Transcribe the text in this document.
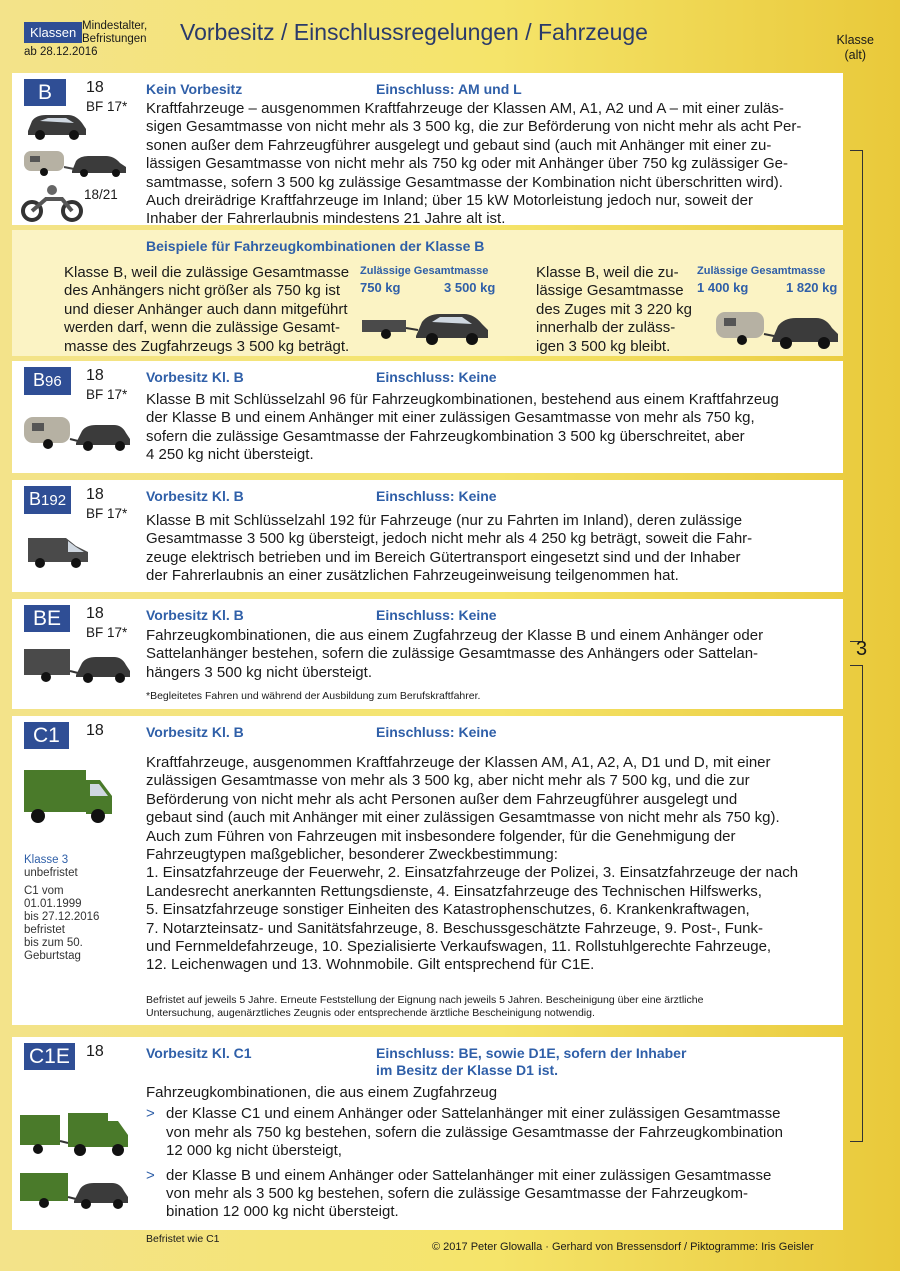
Klassen Mindestalter,
Befristungen
ab 28.12.2016
Vorbesitz / Einschlussregelungen / Fahrzeuge	Klasse
(alt)
3
B	18
BF 17*
18/21
Kein Vorbesitz	Einschluss: AM und L
Kraftfahrzeuge – ausgenommen Kraftfahrzeuge der Klassen AM, A1, A2 und A – mit einer zuläs-
sigen Gesamtmasse von nicht mehr als 3 500 kg, die zur Beförderung von nicht mehr als acht Per-
sonen außer dem Fahrzeugführer ausgelegt und gebaut sind (auch mit Anhänger mit einer zu-
lässigen Gesamtmasse von nicht mehr als 750 kg oder mit Anhänger über 750 kg zulässiger Ge-
samtmasse, sofern 3 500 kg zulässige Gesamtmasse der Kombination nicht überschritten wird).
Auch dreirädrige Kraftfahrzeuge im Inland; über 15 kW Motorleistung jedoch nur, soweit der
Inhaber der Fahrerlaubnis mindestens 21 Jahre alt ist.
Beispiele für Fahrzeugkombinationen der Klasse B
Klasse B, weil die zulässige Gesamtmasse
des Anhängers nicht größer als 750 kg ist
und dieser Anhänger auch dann mitgeführt
werden darf, wenn die zulässige Gesamt-
masse des Zugfahrzeugs 3 500 kg beträgt.
Zulässige Gesamtmasse
750 kg	3 500 kg
Klasse B, weil die zu-
lässige Gesamtmasse
des Zuges mit 3 220 kg
innerhalb der zuläss-
igen 3 500 kg bleibt.
Zulässige Gesamtmasse
1 400 kg	1 820 kg
B96	18
BF 17*
Vorbesitz Kl. B	Einschluss: Keine
Klasse B mit Schlüsselzahl 96 für Fahrzeugkombinationen, bestehend aus einem Kraftfahrzeug
der Klasse B und einem Anhänger mit einer zulässigen Gesamtmasse von mehr als 750 kg,
sofern die zulässige Gesamtmasse der Fahrzeugkombination 3 500 kg überschreitet, aber
4 250 kg nicht übersteigt.
B192	18
BF 17*
Vorbesitz Kl. B	Einschluss: Keine
Klasse B mit Schlüsselzahl 192 für Fahrzeuge (nur zu Fahrten im Inland), deren zulässige
Gesamtmasse 3 500 kg übersteigt, jedoch nicht mehr als 4 250 kg beträgt, soweit die Fahr-
zeuge elektrisch betrieben und im Bereich Gütertransport eingesetzt sind und der Inhaber
der Fahrerlaubnis an einer zusätzlichen Fahrzeugeinweisung teilgenommen hat.
BE	18
BF 17*
Vorbesitz Kl. B	Einschluss: Keine
Fahrzeugkombinationen, die aus einem Zugfahrzeug der Klasse B und einem Anhänger oder
Sattelanhänger bestehen, sofern die zulässige Gesamtmasse des Anhängers oder Sattelan-
hängers 3 500 kg nicht übersteigt.
*Begleitetes Fahren und während der Ausbildung zum Berufskraftfahrer.
C1	18	Vorbesitz Kl. B	Einschluss: Keine
Kraftfahrzeuge, ausgenommen Kraftfahrzeuge der Klassen AM, A1, A2, A, D1 und D, mit einer
zulässigen Gesamtmasse von mehr als 3 500 kg, aber nicht mehr als 7 500 kg, und die zur
Beförderung von nicht mehr als acht Personen außer dem Fahrzeugführer ausgelegt und
gebaut sind (auch mit Anhänger mit einer zulässigen Gesamtmasse von nicht mehr als 750 kg).
Auch zum Führen von Fahrzeugen mit insbesondere folgender, für die Genehmigung der
Fahrzeugtypen maßgeblicher, besonderer Zweckbestimmung:
1. Einsatzfahrzeuge der Feuerwehr, 2. Einsatzfahrzeuge der Polizei, 3. Einsatzfahrzeuge der nach
Landesrecht anerkannten Rettungsdienste, 4. Einsatzfahrzeuge des Technischen Hilfswerks,
5. Einsatzfahrzeuge sonstiger Einheiten des Katastrophenschutzes, 6. Krankenkraftwagen,
7. Notarzteinsatz- und Sanitätsfahrzeuge, 8. Beschussgeschätzte Fahrzeuge, 9. Post-, Funk-
und Fernmeldefahrzeuge, 10. Spezialisierte Verkaufswagen, 11. Rollstuhlgerechte Fahrzeuge,
12. Leichenwagen und 13. Wohnmobile. Gilt entsprechend für C1E.
Klasse 3
unbefristet
C1 vom
01.01.1999
bis 27.12.2016
befristet
bis zum 50.
Geburtstag
Befristet auf jeweils 5 Jahre. Erneute Feststellung der Eignung nach jeweils 5 Jahren. Bescheinigung über eine ärztliche
Untersuchung, augenärztliches Zeugnis oder entsprechende ärztliche Bescheinigung notwendig.
C1E	18	Vorbesitz Kl. C1	Einschluss: BE, sowie D1E, sofern der Inhaber
im Besitz der Klasse D1 ist.
Fahrzeugkombinationen, die aus einem Zugfahrzeug
> der Klasse C1 und einem Anhänger oder Sattelanhänger mit einer zulässigen Gesamtmasse
von mehr als 750 kg bestehen, sofern die zulässige Gesamtmasse der Fahrzeugkombination
12 000 kg nicht übersteigt,
> der Klasse B und einem Anhänger oder Sattelanhänger mit einer zulässigen Gesamtmasse
von mehr als 3 500 kg bestehen, sofern die zulässige Gesamtmasse der Fahrzeugkom-
bination 12 000 kg nicht übersteigt.
Befristet wie C1
© 2017 Peter Glowalla · Gerhard von Bressensdorf / Piktogramme: Iris Geisler
